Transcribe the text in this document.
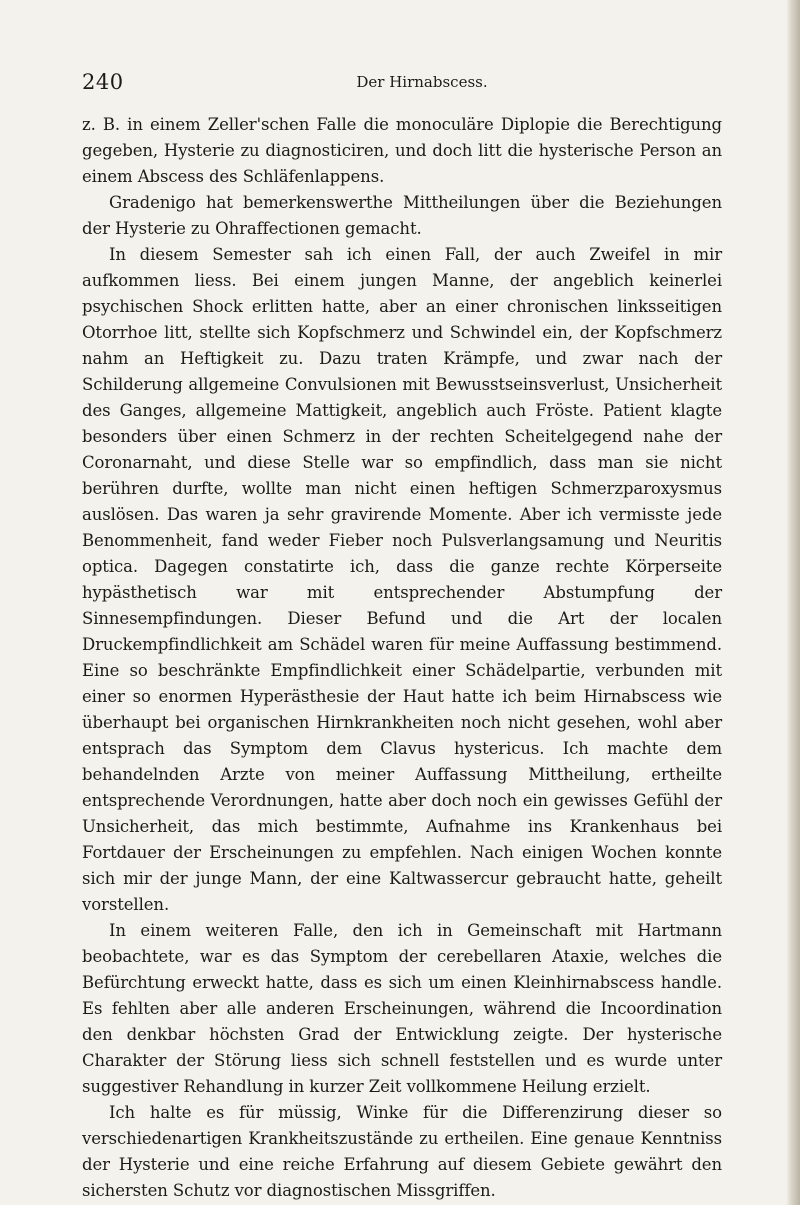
240	Der Hirnabscess.

z. B. in einem Zeller'schen Falle die monoculäre Diplopie die Berechtigung gegeben, Hysterie zu diagnosticiren, und doch litt die hysterische Person an einem Abscess des Schläfenlappens.

Gradenigo hat bemerkenswerthe Mittheilungen über die Beziehungen der Hysterie zu Ohraffectionen gemacht.

In diesem Semester sah ich einen Fall, der auch Zweifel in mir aufkommen liess. Bei einem jungen Manne, der angeblich keinerlei psychischen Shock erlitten hatte, aber an einer chronischen linksseitigen Otorrhoe litt, stellte sich Kopfschmerz und Schwindel ein, der Kopfschmerz nahm an Heftigkeit zu. Dazu traten Krämpfe, und zwar nach der Schilderung allgemeine Convulsionen mit Bewusstseinsverlust, Unsicherheit des Ganges, allgemeine Mattigkeit, angeblich auch Fröste. Patient klagte besonders über einen Schmerz in der rechten Scheitelgegend nahe der Coronarnaht, und diese Stelle war so empfindlich, dass man sie nicht berühren durfte, wollte man nicht einen heftigen Schmerzparoxysmus auslösen. Das waren ja sehr gravirende Momente. Aber ich vermisste jede Benommenheit, fand weder Fieber noch Pulsverlangsamung und Neuritis optica. Dagegen constatirte ich, dass die ganze rechte Körperseite hypästhetisch war mit entsprechender Abstumpfung der Sinnesempfindungen. Dieser Befund und die Art der localen Druckempfindlichkeit am Schädel waren für meine Auffassung bestimmend. Eine so beschränkte Empfindlichkeit einer Schädelpartie, verbunden mit einer so enormen Hyperästhesie der Haut hatte ich beim Hirnabscess wie überhaupt bei organischen Hirnkrankheiten noch nicht gesehen, wohl aber entsprach das Symptom dem Clavus hystericus. Ich machte dem behandelnden Arzte von meiner Auffassung Mittheilung, ertheilte entsprechende Verordnungen, hatte aber doch noch ein gewisses Gefühl der Unsicherheit, das mich bestimmte, Aufnahme ins Krankenhaus bei Fortdauer der Erscheinungen zu empfehlen. Nach einigen Wochen konnte sich mir der junge Mann, der eine Kaltwassercur gebraucht hatte, geheilt vorstellen.

In einem weiteren Falle, den ich in Gemeinschaft mit Hartmann beobachtete, war es das Symptom der cerebellaren Ataxie, welches die Befürchtung erweckt hatte, dass es sich um einen Kleinhirnabscess handle. Es fehlten aber alle anderen Erscheinungen, während die Incoordination den denkbar höchsten Grad der Entwicklung zeigte. Der hysterische Charakter der Störung liess sich schnell feststellen und es wurde unter suggestiver Rehandlung in kurzer Zeit vollkommene Heilung erzielt.

Ich halte es für müssig, Winke für die Differenzirung dieser so verschiedenartigen Krankheitszustände zu ertheilen. Eine genaue Kenntniss der Hysterie und eine reiche Erfahrung auf diesem Gebiete gewährt den sichersten Schutz vor diagnostischen Missgriffen.
